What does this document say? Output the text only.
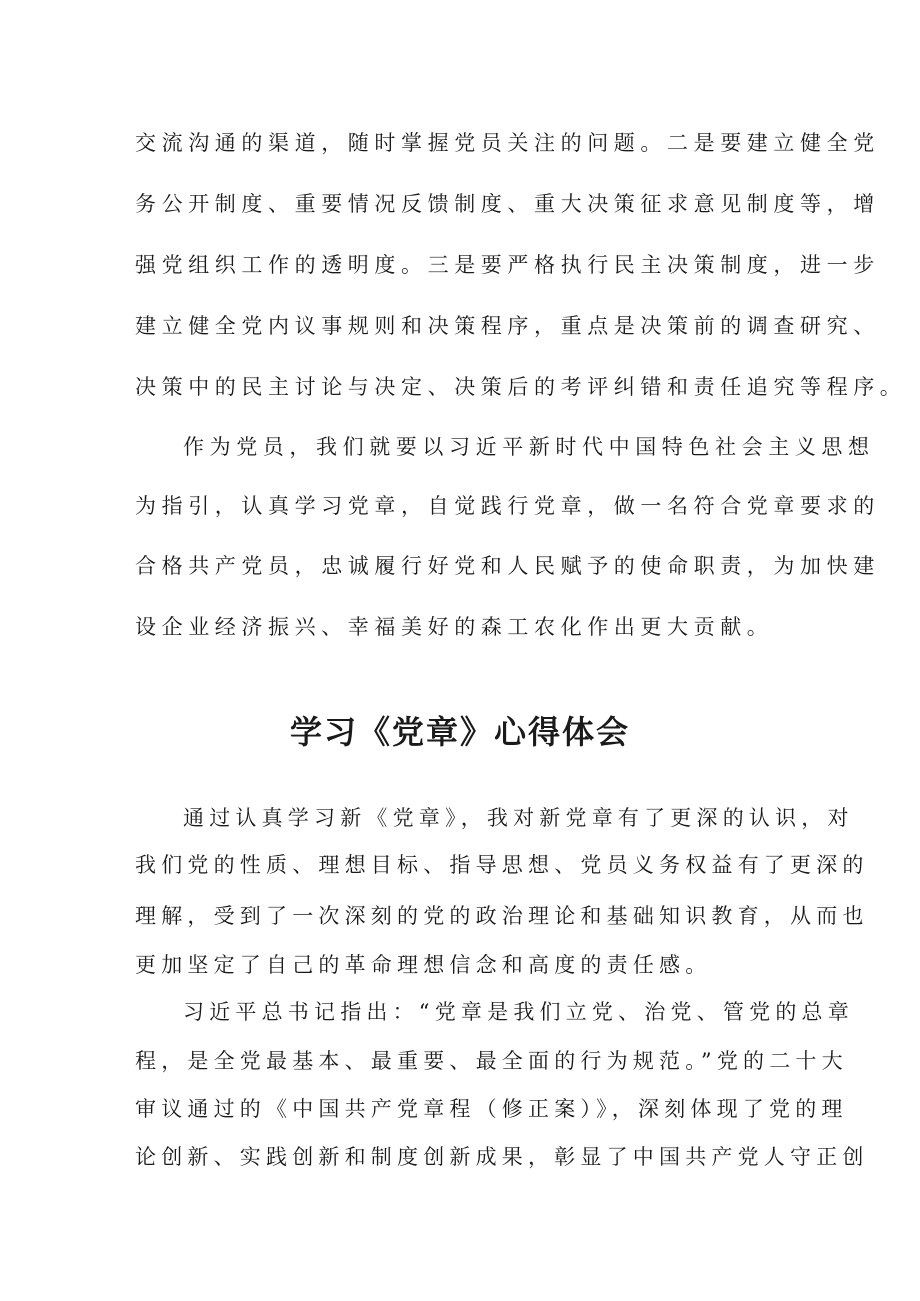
交流沟通的渠道，随时掌握党员关注的问题。二是要建立健全党
务公开制度、重要情况反馈制度、重大决策征求意见制度等，增
强党组织工作的透明度。三是要严格执行民主决策制度，进一步
建立健全党内议事规则和决策程序，重点是决策前的调查研究、
决策中的民主讨论与决定、决策后的考评纠错和责任追究等程序。
作为党员，我们就要以习近平新时代中国特色社会主义思想
为指引，认真学习党章，自觉践行党章，做一名符合党章要求的
合格共产党员，忠诚履行好党和人民赋予的使命职责，为加快建
设企业经济振兴、幸福美好的森工农化作出更大贡献。
学习《党章》心得体会
通过认真学习新《党章》，我对新党章有了更深的认识，对
我们党的性质、理想目标、指导思想、党员义务权益有了更深的
理解，受到了一次深刻的党的政治理论和基础知识教育，从而也
更加坚定了自己的革命理想信念和高度的责任感。
习近平总书记指出：“党章是我们立党、治党、管党的总章
程，是全党最基本、最重要、最全面的行为规范。”党的二十大
审议通过的《中国共产党章程（修正案）》，深刻体现了党的理
论创新、实践创新和制度创新成果，彰显了中国共产党人守正创
